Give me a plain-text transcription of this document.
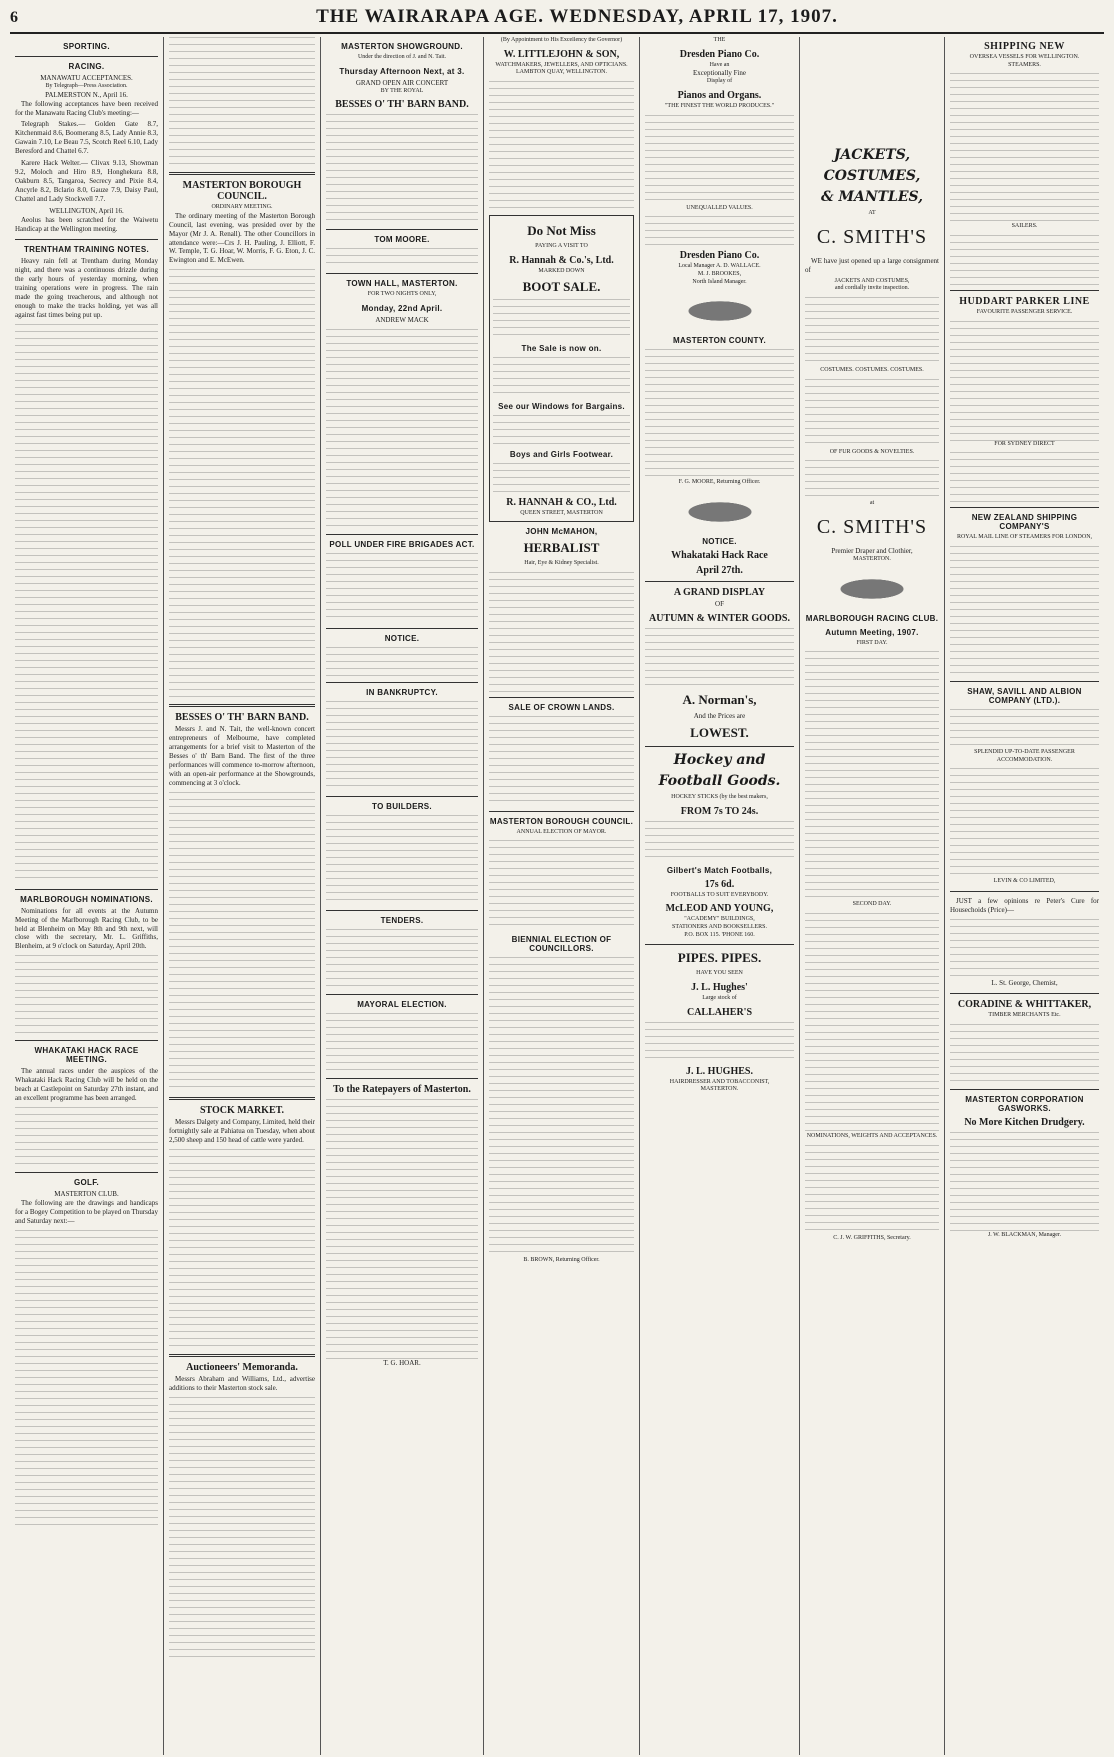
6	THE WAIRARAPA AGE. WEDNESDAY, APRIL 17, 1907.
SPORTING.
RACING.
MANAWATU ACCEPTANCES.
By Telegraph—Press Association.
PALMERSTON N., April 16.

The following acceptances have been received for the Manawatu Racing Club's meeting:—

Telegraph Stakes.— Golden Gate 8.7, Kitchenmaid 8.6, Boomerang 8.5, Lady Annie 8.3, Gawain 7.10, Le Beau 7.5, Scotch Reel 6.10, Lady Beresford and Chattel 6.7.

Karere Hack Welter.— Clivax 9.13, Showman 9.2, Moloch and Hiro 8.9, Honghekura 8.8, Oakburn 8.5, Tangaroa, Secrecy and Pixie 8.4, Ancyrle 8.2, Bclario 8.0, Gauze 7.9, Daisy Paul, Chattel and Lady Stockwell 7.7.

WELLINGTON, April 16.

Aeolus has been scratched for the Waiwetu Handicap at the Wellington meeting.

TRENTHAM TRAINING NOTES.

Heavy rain fell at Trentham during Monday night, and there was a continuous drizzle during the early hours of yesterday morning, when training operations were in progress. The rain made the going treacherous, and although not enough to make the tracks holding, yet was all against fast times being put up.

MARLBOROUGH NOMINATIONS.

Nominations for all events at the Autumn Meeting of the Marlborough Racing Club, to be held at Blenheim on May 8th and 9th next, will close with the secretary, Mr. L. Griffiths, Blenheim, at 9 o'clock on Saturday, April 20th.

WHAKATAKI HACK RACE MEETING.

The annual races under the auspices of the Whakataki Hack Racing Club will be held on the beach at Castlepoint on Saturday 27th instant, and an excellent programme has been arranged.

GOLF.
MASTERTON CLUB.

The following are the drawings and handicaps for a Bogey Competition to be played on Thursday and Saturday next:—

MASTERTON BOROUGH COUNCIL.
ORDINARY MEETING.

The ordinary meeting of the Masterton Borough Council, last evening, was presided over by the Mayor (Mr J. A. Renall). The other Councillors in attendance were:—Crs J. H. Pauling, J. Elliott, F. W. Temple, T. G. Hoar, W. Morris, F. G. Eton, J. C. Ewington and E. McEwen.

BESSES O' TH' BARN BAND.

Messrs J. and N. Tait, the well-known concert entrepreneurs of Melbourne, have completed arrangements for a brief visit to Masterton of the Besses o' th' Barn Band. The first of the three performances will commence to-morrow afternoon, with an open-air performance at the Showgrounds, commencing at 3 o'clock.

STOCK MARKET.

Messrs Dalgety and Company, Limited, held their fortnightly sale at Pahiatua on Tuesday, when about 2,500 sheep and 150 head of cattle were yarded.

Auctioneers' Memoranda.

Messrs Abraham and Williams, Ltd., advertise additions to their Masterton stock sale.

MASTERTON SHOWGROUND.
Under the direction of J. and N. Tait.
Thursday Afternoon Next, at 3.
GRAND OPEN AIR CONCERT
BY THE ROYAL
BESSES O' TH' BARN BAND.
TOM MOORE.
TOWN HALL, MASTERTON.
FOR TWO NIGHTS ONLY,
Monday, 22nd April.
ANDREW MACK
POLL UNDER FIRE BRIGADES ACT.
NOTICE.
IN BANKRUPTCY.
TO BUILDERS.
TENDERS.
MAYORAL ELECTION.
To the Ratepayers of Masterton.
T. G. HOAR.
(By Appointment to His Excellency the Governor)
W. LITTLEJOHN & SON,
WATCHMAKERS, JEWELLERS, AND OPTICIANS.
LAMBTON QUAY, WELLINGTON.
Do Not Miss
PAYING A VISIT TO
R. Hannah & Co.'s, Ltd.
MARKED DOWN
BOOT SALE.
The Sale is now on.
See our Windows for Bargains.
Boys and Girls Footwear.
R. HANNAH & CO., Ltd.
QUEEN STREET, MASTERTON
JOHN McMAHON,
HERBALIST
Hair, Eye & Kidney Specialist.
SALE OF CROWN LANDS.
MASTERTON BOROUGH COUNCIL.
ANNUAL ELECTION OF MAYOR.
BIENNIAL ELECTION OF COUNCILLORS.
B. BROWN, Returning Officer.
THE
Dresden Piano Co.
Have an
Exceptionally Fine
Display of
Pianos and Organs.
"THE FINEST THE WORLD PRODUCES."
UNEQUALLED VALUES.
Dresden Piano Co.
Local Manager A. D. WALLACE.
M. J. BROOKES,
North Island Manager.
MASTERTON COUNTY.
F. G. MOORE, Returning Officer.
NOTICE.
Whakataki Hack Race
April 27th.
A GRAND DISPLAY
OF
AUTUMN & WINTER GOODS.
A. Norman's,
And the Prices are
LOWEST.
Hockey and
Football Goods.
HOCKEY STICKS (by the best makers,
FROM 7s TO 24s.
Gilbert's Match Footballs,
17s 6d.
FOOTBALLS TO SUIT EVERYBODY.
McLEOD AND YOUNG,
"ACADEMY" BUILDINGS,
STATIONERS AND BOOKSELLERS.
P.O. BOX 115. 'PHONE 160.
PIPES. PIPES.
HAVE YOU SEEN
J. L. Hughes'
Large stock of
CALLAHER'S
J. L. HUGHES.
HAIRDRESSER AND TOBACCONIST,
MASTERTON.
JACKETS,
COSTUMES,
& MANTLES,
AT
C. SMITH'S

WE have just opened up a large consignment of

JACKETS AND COSTUMES,
and cordially invite inspection.
COSTUMES. COSTUMES. COSTUMES.
OF FUR GOODS & NOVELTIES.
at
C. SMITH'S
Premier Draper and Clothier,
MASTERTON.
MARLBOROUGH RACING CLUB.
Autumn Meeting, 1907.
FIRST DAY.
SECOND DAY.
NOMINATIONS, WEIGHTS AND ACCEPTANCES.
C. J. W. GRIFFITHS, Secretary.
SHIPPING NEW
OVERSEA VESSELS FOR WELLINGTON.
STEAMERS.
SAILERS.
HUDDART PARKER LINE
FAVOURITE PASSENGER SERVICE.
FOR SYDNEY DIRECT
NEW ZEALAND SHIPPING COMPANY'S
ROYAL MAIL LINE OF STEAMERS FOR LONDON,
SHAW, SAVILL AND ALBION COMPANY (LTD.).
SPLENDID UP-TO-DATE PASSENGER ACCOMMODATION.
LEVIN & CO LIMITED,

JUST a few opinions re Peter's Cure for Housechoids (Price)—

L. St. George, Chemist,
CORADINE & WHITTAKER,
TIMBER MERCHANTS Etc.
MASTERTON CORPORATION GASWORKS.
No More Kitchen Drudgery.
J. W. BLACKMAN, Manager.
